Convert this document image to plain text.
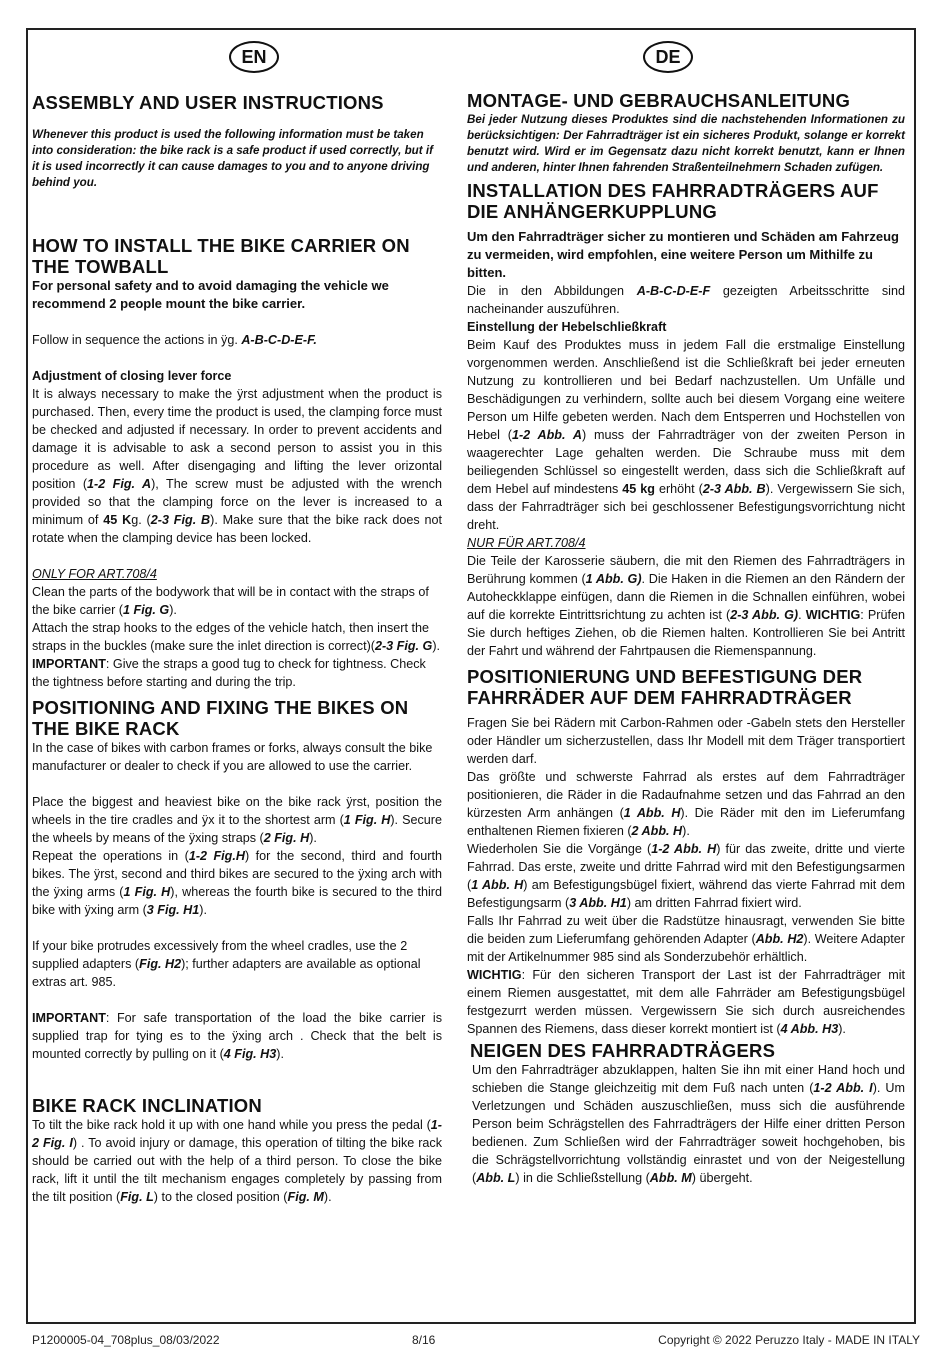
EN	DE
ASSEMBLY AND USER INSTRUCTIONS

Whenever this product is used the following information must be taken into consideration: the bike rack is a safe product if used correctly, but if it is used incorrectly it can cause damages to you and to anyone driving behind you.

HOW TO INSTALL THE BIKE CARRIER ON THE TOWBALL

For personal safety and to avoid damaging the vehicle we recommend 2 people mount the bike carrier.

Follow in sequence the actions in ÿg. A-B-C-D-E-F.

Adjustment of closing lever force

It is always necessary to make the ÿrst adjustment when the product is purchased. Then, every time the product is used, the clamping force must be checked and adjusted if necessary. In order to prevent accidents and damage it is advisable to ask a second person to assist you in this procedure as well. After disengaging and lifting the lever orizontal position (1-2 Fig. A), The screw must be adjusted with the wrench provided so that the clamping force on the lever is increased to a minimum of 45 Kg. (2-3 Fig. B). Make sure that the bike rack does not rotate when the clamping device has been locked.

ONLY FOR ART.708/4

Clean the parts of the bodywork that will be in contact with the straps of the bike carrier (1 Fig. G).

Attach the strap hooks to the edges of the vehicle hatch, then insert the straps in the buckles (make sure the inlet direction is correct)(2-3 Fig. G).

IMPORTANT: Give the straps a good tug to check for tightness. Check the tightness before starting and during the trip.

POSITIONING AND FIXING THE BIKES ON THE BIKE RACK

In the case of bikes with carbon frames or forks, always consult the bike manufacturer or dealer to check if you are allowed to use the carrier.

Place the biggest and heaviest bike on the bike rack ÿrst, position the wheels in the tire cradles and ÿx it to the shortest arm (1 Fig. H). Secure the wheels by means of the ÿxing straps (2 Fig. H).

Repeat the operations in (1-2 Fig.H) for the second, third and fourth bikes. The ÿrst, second and third bikes are secured to the ÿxing arch with the ÿxing arms (1 Fig. H), whereas the fourth bike is secured to the third bike with ÿxing arm (3 Fig. H1).

If your bike protrudes excessively from the wheel cradles, use the 2 supplied adapters (Fig. H2); further adapters are available as optional extras art. 985.

IMPORTANT: For safe transportation of the load the bike carrier is supplied trap for tying es to the ÿxing arch . Check that the belt is mounted correctly by pulling on it (4 Fig. H3).

BIKE RACK INCLINATION

To tilt the bike rack hold it up with one hand while you press the pedal (1-2 Fig. I) . To avoid injury or damage, this operation of tilting the bike rack should be carried out with the help of a third person. To close the bike rack, lift it until the tilt mechanism engages completely by passing from the tilt position (Fig. L) to the closed position (Fig. M).

MONTAGE- UND GEBRAUCHSANLEITUNG

Bei jeder Nutzung dieses Produktes sind die nachstehenden Informationen zu berücksichtigen: Der Fahrradträger ist ein sicheres Produkt, solange er korrekt benutzt wird. Wird er im Gegensatz dazu nicht korrekt benutzt, kann er Ihnen und anderen, hinter Ihnen fahrenden Straßenteilnehmern Schaden zufügen.

INSTALLATION DES FAHRRADTRÄGERS AUF DIE ANHÄNGERKUPPLUNG

Um den Fahrradträger sicher zu montieren und Schäden am Fahrzeug zu vermeiden, wird empfohlen, eine weitere Person um Mithilfe zu bitten.

Die in den Abbildungen A-B-C-D-E-F gezeigten Arbeitsschritte sind nacheinander auszuführen.

Einstellung der Hebelschließkraft

Beim Kauf des Produktes muss in jedem Fall die erstmalige Einstellung vorgenommen werden. Anschließend ist die Schließkraft bei jeder erneuten Nutzung zu kontrollieren und bei Bedarf nachzustellen. Um Unfälle und Beschädigungen zu verhindern, sollte auch bei diesem Vorgang eine weitere Person um Hilfe gebeten werden. Nach dem Entsperren und Hochstellen von Hebel (1-2 Abb. A) muss der Fahrradträger von der zweiten Person in waagerechter Lage gehalten werden. Die Schraube muss mit dem beiliegenden Schlüssel so eingestellt werden, dass sich die Schließkraft auf dem Hebel auf mindestens 45 kg erhöht (2-3 Abb. B). Vergewissern Sie sich, dass der Fahrradträger sich bei geschlossener Befestigungsvorrichtung nicht dreht.

NUR FÜR ART.708/4

Die Teile der Karosserie säubern, die mit den Riemen des Fahrradträgers in Berührung kommen (1 Abb. G). Die Haken in die Riemen an den Rändern der Autoheckklappe einfügen, dann die Riemen in die Schnallen einführen, wobei auf die korrekte Eintrittsrichtung zu achten ist (2-3 Abb. G). WICHTIG: Prüfen Sie durch heftiges Ziehen, ob die Riemen halten. Kontrollieren Sie bei Antritt der Fahrt und während der Fahrtpausen die Riemenspannung.

POSITIONIERUNG UND BEFESTIGUNG DER FAHRRÄDER AUF DEM FAHRRADTRÄGER

Fragen Sie bei Rädern mit Carbon-Rahmen oder -Gabeln stets den Hersteller oder Händler um sicherzustellen, dass Ihr Modell mit dem Träger transportiert werden darf.

Das größte und schwerste Fahrrad als erstes auf dem Fahrradträger positionieren, die Räder in die Radaufnahme setzen und das Fahrrad an den kürzesten Arm anhängen (1 Abb. H). Die Räder mit den im Lieferumfang enthaltenen Riemen fixieren (2 Abb. H).

Wiederholen Sie die Vorgänge (1-2 Abb. H) für das zweite, dritte und vierte Fahrrad. Das erste, zweite und dritte Fahrrad wird mit den Befestigungsarmen (1 Abb. H) am Befestigungsbügel fixiert, während das vierte Fahrrad mit dem Befestigungsarm (3 Abb. H1) am dritten Fahrrad fixiert wird.

Falls Ihr Fahrrad zu weit über die Radstütze hinausragt, verwenden Sie bitte die beiden zum Lieferumfang gehörenden Adapter (Abb. H2). Weitere Adapter mit der Artikelnummer 985 sind als Sonderzubehör erhältlich.

WICHTIG: Für den sicheren Transport der Last ist der Fahrradträger mit einem Riemen ausgestattet, mit dem alle Fahrräder am Befestigungsbügel festgezurrt werden müssen. Vergewissern Sie sich durch ausreichendes Spannen des Riemens, dass dieser korrekt montiert ist (4 Abb. H3).

NEIGEN DES FAHRRADTRÄGERS

Um den Fahrradträger abzuklappen, halten Sie ihn mit einer Hand hoch und schieben die Stange gleichzeitig mit dem Fuß nach unten (1-2 Abb. I). Um Verletzungen und Schäden auszuschließen, muss sich die ausführende Person beim Schrägstellen des Fahrradträgers der Hilfe einer dritten Person bedienen. Zum Schließen wird der Fahrradträger soweit hochgehoben, bis die Schrägstellvorrichtung vollständig einrastet und von der Neigestellung (Abb. L) in die Schließstellung (Abb. M) übergeht.

P1200005-04_708plus_08/03/2022	8/16	Copyright © 2022 Peruzzo Italy - MADE IN ITALY
